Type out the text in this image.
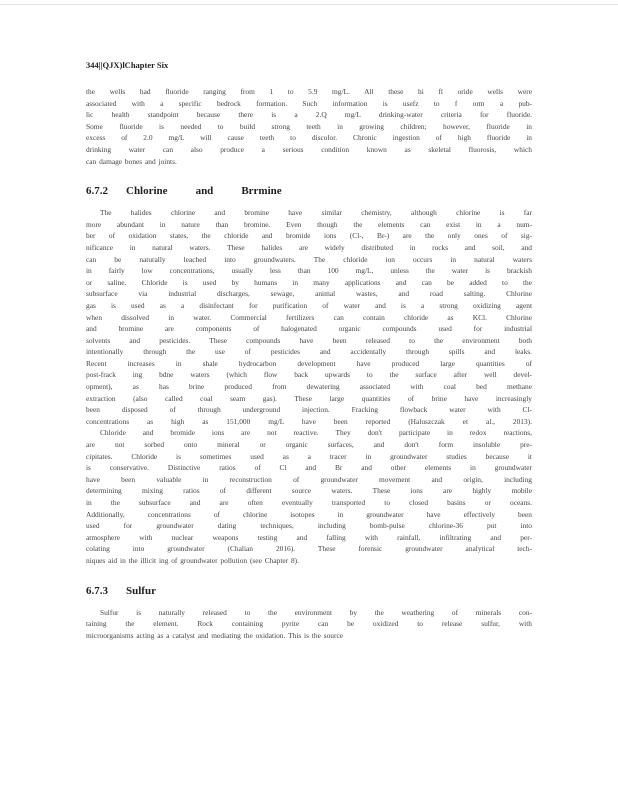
344||QJX)lChapter Six
the wells had fluoride ranging from 1 to 5.9 mg/L. All these hi fl oride wells were
associated with a specific bedrock formation. Such information is usefz to f orm a pub-
lic health standpoint because there is a 2.Q mg/L drinking-water criteria for fluoride.
Some fluoride is needed to build strong teeth in growing children; however, fluoride in
excess of 2.0 mg/L will cause teeth to discolor. Chronic ingestion of high fluoride in
drinking water can also produce a serious condition known as skeletal fluorosis, which
can damage bones and joints.
6.7.2 Chlorine	and	Brrmine
The halides chlorine and bromine have similar chemistry, although chlorine is far
more abundant in nature than bromine. Even though the elements can exist in a num-
ber of oxidation states, the chloride and bromide ions (Cl-, Br-) are the only ones of sig-
nificance in natural waters. These halides are widely distributed in rocks and soil, and
can be naturally leached into groundwaters. The chloride ion occurs in natural waters
in fairly low concentrations, usually less than 100 mg/L, unless the water is brackish
or saline. Chloride is used by humans in many applications and can be added to the
subsurface via industrial discharges, sewage, animal wastes, and road salting. Chlorine
gas is used as a disinfectant for purification of water and is a strong oxidizing agent
when dissolved in water. Commercial fertilizers can contain chloride as KCl. Chlorine
and bromine are components of halogenated organic compounds used for industrial
solvents and pesticides. These compounds have been released to the environment both
intentionally through the use of pesticides and accidentally through spills and leaks.
Recent increases in shale hydrocarbon development have produced large quantities of
post-frack ing bdne waters (which flow back upwards to the surface after well devel-
opment), as has brine produced from dewatering associated with coal bed methane
extraction (also called coal seam gas). These large quantities of brine have increasingly
been disposed of through underground injection. Fracking flowback water with Cl-
concentrations as high as 151,000 mg/L have been reported (Haluszczak et al., 2013).
Chloride and bromide ions are not reactive. They don't participate in redox reactions,
are not sorbed onto mineral or organic surfaces, and don't form insoluble pre-
cipitates. Chloride is sometimes used as a tracer in groundwater studies because it
is conservative. Distinctive ratios of Cl and Br and other elements in groundwater
have been valuable in reconstruction of groundwater movement and origin, including
determining mixing ratios of different source waters. These ions are highly mobile
in the subsurface and are often eventually transported to closed basins or oceans.
Additionally, concentrations of chlorine isotopes in groundwater have effectively been
used for groundwater dating techniques, including bomb-pulse chlorine-36 put into
atmosphere with nuclear weapons testing and falling with rainfall, infiltrating and per-
colating into groundwater (Chalian 2016). These forensic groundwater analytical tech-
niques aid in the illicit ing of groundwater pollution (see Chapter 8).
6.7.3 Sulfur
Sulfur is naturally released to the environment by the weathering of minerals con-
taining the element. Rock containing pyrite can be oxidized to release sulfur, with
microorganisms acting as a catalyst and mediating the oxidation. This is the source
